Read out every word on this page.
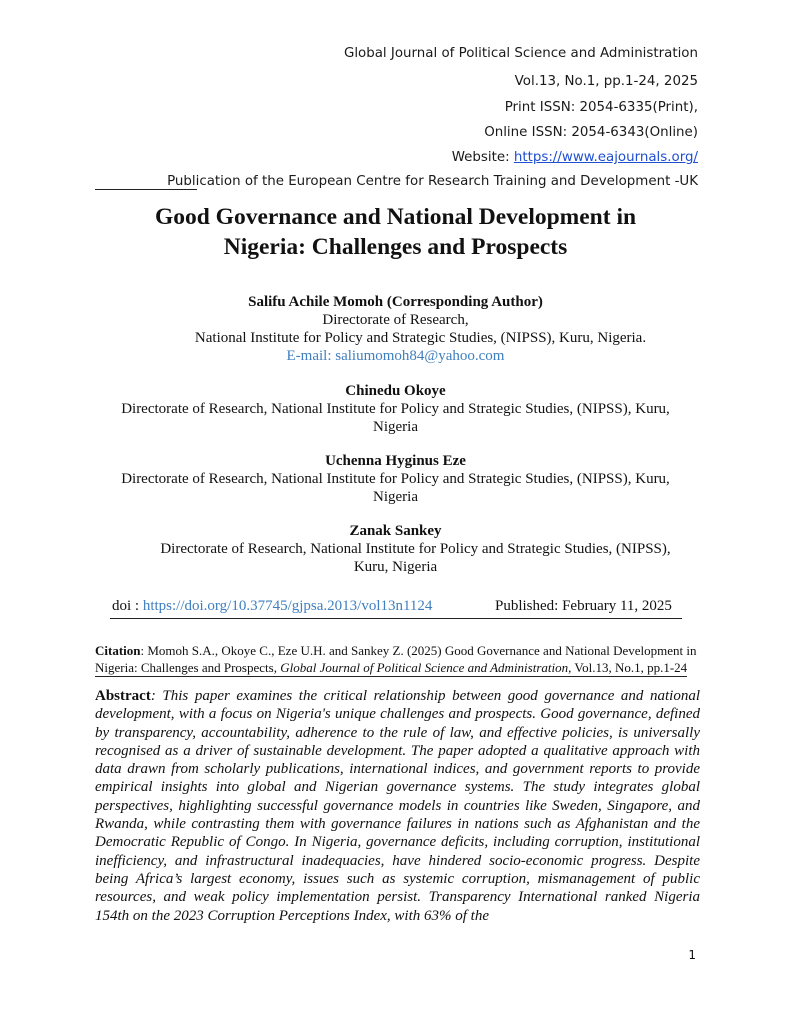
Global Journal of Political Science and Administration
Vol.13, No.1, pp.1-24, 2025
Print ISSN: 2054-6335(Print),
Online ISSN: 2054-6343(Online)
Website: https://www.eajournals.org/
Publication of the European Centre for Research Training and Development -UK
Good Governance and National Development in
Nigeria: Challenges and Prospects
Salifu Achile Momoh (Corresponding Author)
Directorate of Research,
National Institute for Policy and Strategic Studies, (NIPSS), Kuru, Nigeria.
E-mail: saliumomoh84@yahoo.com
Chinedu Okoye
Directorate of Research, National Institute for Policy and Strategic Studies, (NIPSS), Kuru,
Nigeria
Uchenna Hyginus Eze
Directorate of Research, National Institute for Policy and Strategic Studies, (NIPSS), Kuru,
Nigeria
Zanak Sankey
Directorate of Research, National Institute for Policy and Strategic Studies, (NIPSS),
Kuru, Nigeria
doi : https://doi.org/10.37745/gjpsa.2013/vol13n1124	Published: February 11, 2025

Citation: Momoh S.A., Okoye C., Eze U.H. and Sankey Z. (2025) Good Governance and National Development in

Nigeria: Challenges and Prospects, Global Journal of Political Science and Administration, Vol.13, No.1, pp.1-24

Abstract: This paper examines the critical relationship between good governance and national development, with a focus on Nigeria's unique challenges and prospects. Good governance, defined by transparency, accountability, adherence to the rule of law, and effective policies, is universally recognised as a driver of sustainable development. The paper adopted a qualitative approach with data drawn from scholarly publications, international indices, and government reports to provide empirical insights into global and Nigerian governance systems. The study integrates global perspectives, highlighting successful governance models in countries like Sweden, Singapore, and Rwanda, while contrasting them with governance failures in nations such as Afghanistan and the Democratic Republic of Congo. In Nigeria, governance deficits, including corruption, institutional inefficiency, and infrastructural inadequacies, have hindered socio-economic progress. Despite being Africa’s largest economy, issues such as systemic corruption, mismanagement of public resources, and weak policy implementation persist. Transparency International ranked Nigeria 154th on the 2023 Corruption Perceptions Index, with 63% of the
1
